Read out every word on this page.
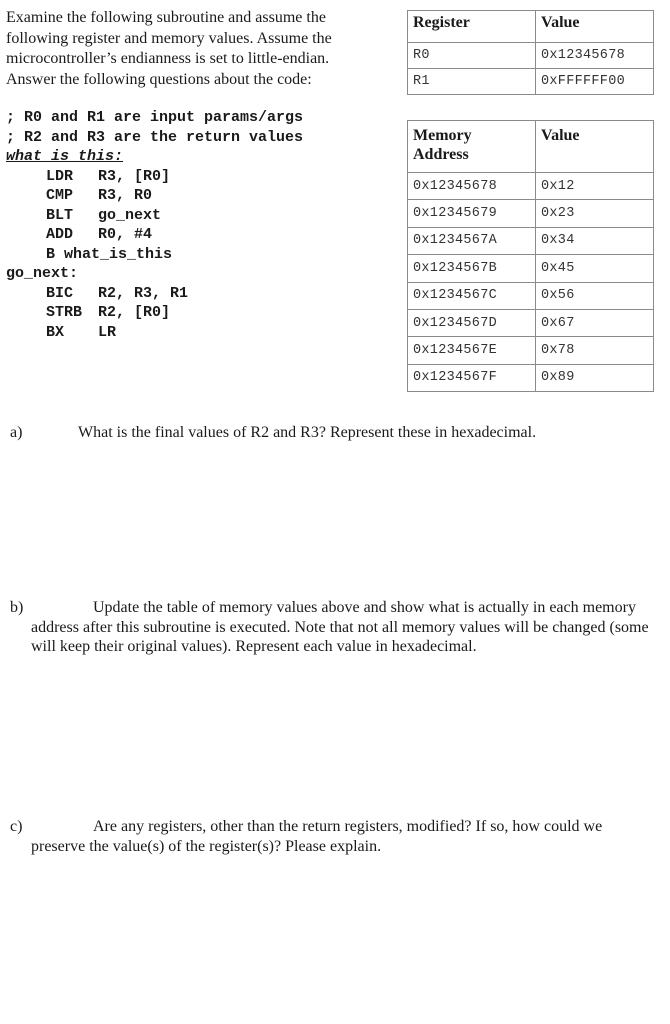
Examine the following subroutine and assume the following register and memory values. Assume the microcontroller’s endianness is set to little-endian. Answer the following questions about the code:
; R0 and R1 are input params/args
; R2 and R3 are the return values
what_is_this:
LDR R3, [R0]
CMP R3, R0
BLT go_next
ADD R0, #4
B what_is_this
go_next:
BIC R2, R3, R1
STRB R2, [R0]
BX LR
Register	Value
R0	0x12345678
R1	0xFFFFFF00
Memory Address	Value
0x12345678	0x12
0x12345679	0x23
0x1234567A	0x34
0x1234567B	0x45
0x1234567C	0x56
0x1234567D	0x67
0x1234567E	0x78
0x1234567F	0x89
a)	What is the final values of R2 and R3? Represent these in hexadecimal.
b)	Update the table of memory values above and show what is actually in each memory address after this subroutine is executed. Note that not all memory values will be changed (some will keep their original values). Represent each value in hexadecimal.
c)	Are any registers, other than the return registers, modified? If so, how could we preserve the value(s) of the register(s)? Please explain.
